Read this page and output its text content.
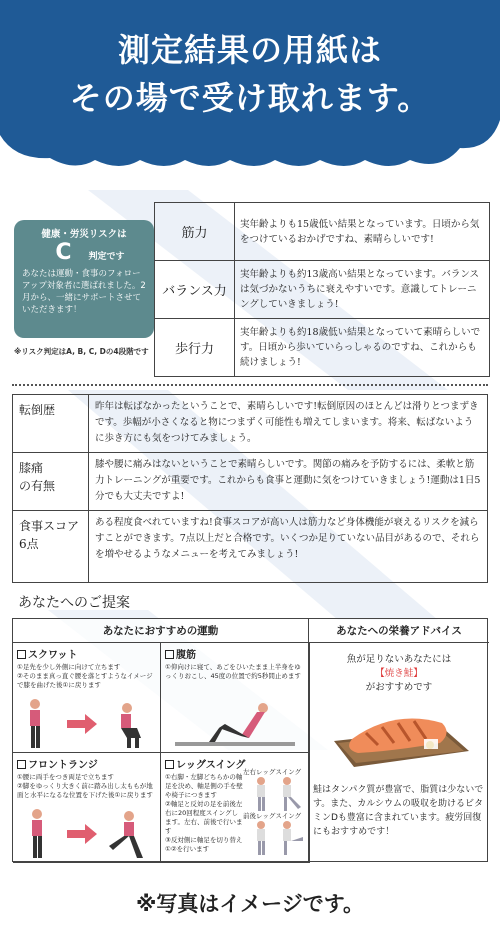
測定結果の用紙は
その場で受け取れます。
健康・労災リスクは
C 判定です
あなたは運動・食事のフォローアップ対象者に選ばれました。2月から、一緒にサポートさせていただきます！
※リスク判定はA, B, C, Dの4段階です
筋力	実年齢よりも15歳低い結果となっています。日頃から気をつけているおかげですね、素晴らしいです!
バランス力	実年齢よりも約13歳高い結果となっています。バランスは気づかないうちに衰えやすいです。意識してトレーニングしていきましょう!
歩行力	実年齢よりも約18歳低い結果となっていて素晴らしいです。日頃から歩いていらっしゃるのですね、これからも続けましょう!
転倒歴	昨年は転ばなかったということで、素晴らしいです!転倒原因のほとんどは滑りとつまずきです。歩幅が小さくなると物につまずく可能性も増えてしまいます。将来、転ばないように歩き方にも気をつけてみましょう。
膝痛
の有無	膝や腰に痛みはないということで素晴らしいです。関節の痛みを予防するには、柔軟と筋力トレーニングが重要です。これからも食事と運動に気をつけていきましょう!運動は1日5分でも大丈夫ですよ!
食事スコア
6点	ある程度食べれていますね!食事スコアが高い人は筋力など身体機能が衰えるリスクを減らすことができます。7点以上だと合格です。いくつか足りていない品目があるので、それらを増やせるようなメニューを考えてみましょう!
あなたへのご提案
あなたにおすすめの運動	あなたへの栄養アドバイス
スクワット
①足先を少し外側に向けて立ちます
②そのまま真っ直ぐ腰を落とすようなイメージで膝を曲げた後①に戻ります
腹筋
①仰向けに寝て、あごをひいたまま上半身をゆっくりおこし、45度の位置で約5秒間止めます
フロントランジ
①腰に両手をつき両足で立ちます
②脚をゆっくり大きく前に踏み出し太ももが地面と水平になるな位置を下げた後①に戻ります
レッグスイング
①右脚・左脚どちらかの軸足を決め、軸足側の手を壁や椅子につきます
②軸足と反対の足を前後左右に20回程度スイングします。左右、前後で行います
③反対側に軸足を切り替え①②を行います
左右レッグスイング
前後レッグスイング
魚が足りないあなたには
【焼き鮭】
がおすすめです
鮭はタンパク質が豊富で、脂質は少ないです。また、カルシウムの吸収を助けるビタミンDも豊富に含まれています。疲労回復にもおすすめです！
※写真はイメージです。
